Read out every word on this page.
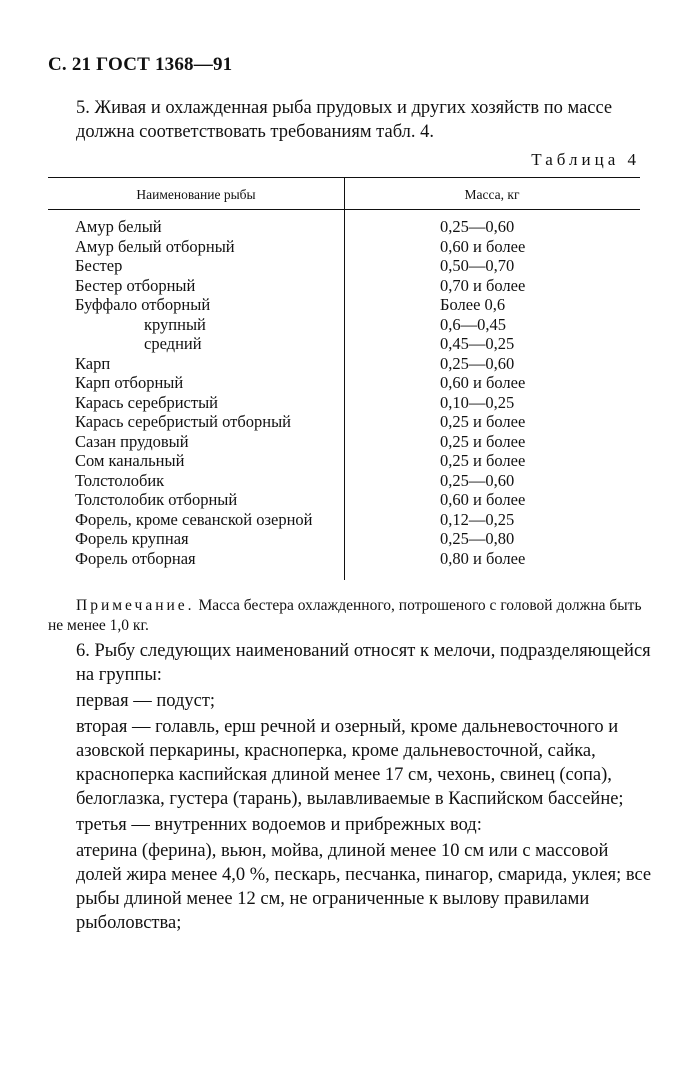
С. 21 ГОСТ 1368—91
5. Живая и охлажденная рыба прудовых и других хозяйств по массе должна соответствовать требованиям табл. 4.
Таблица 4
Наименование рыбы	Масса, кг
Амур белый	0,25—0,60
Амур белый отборный	0,60 и более
Бестер	0,50—0,70
Бестер отборный	0,70 и более
Буффало отборный	Более 0,6
крупный	0,6—0,45
средний	0,45—0,25
Карп	0,25—0,60
Карп отборный	0,60 и более
Карась серебристый	0,10—0,25
Карась серебристый отборный	0,25 и более
Сазан прудовый	0,25 и более
Сом канальный	0,25 и более
Толстолобик	0,25—0,60
Толстолобик отборный	0,60 и более
Форель, кроме севанской озерной	0,12—0,25
Форель крупная	0,25—0,80
Форель отборная	0,80 и более
Примечание. Масса бестера охлажденного, потрошеного с головой должна быть не менее 1,0 кг.
6. Рыбу следующих наименований относят к мелочи, подразделяющейся на группы:
первая — подуст;
вторая — голавль, ерш речной и озерный, кроме дальневосточного и азовской перкарины, красноперка, кроме дальневосточной, сайка, красноперка каспийская длиной менее 17 см, чехонь, свинец (сопа), белоглазка, густера (тарань), вылавливаемые в Каспийском бассейне;
третья — внутренних водоемов и прибрежных вод:
атерина (ферина), вьюн, мойва, длиной менее 10 см или с массовой долей жира менее 4,0 %, пескарь, песчанка, пинагор, смарида, уклея; все рыбы длиной менее 12 см, не ограниченные к вылову правилами рыболовства;
